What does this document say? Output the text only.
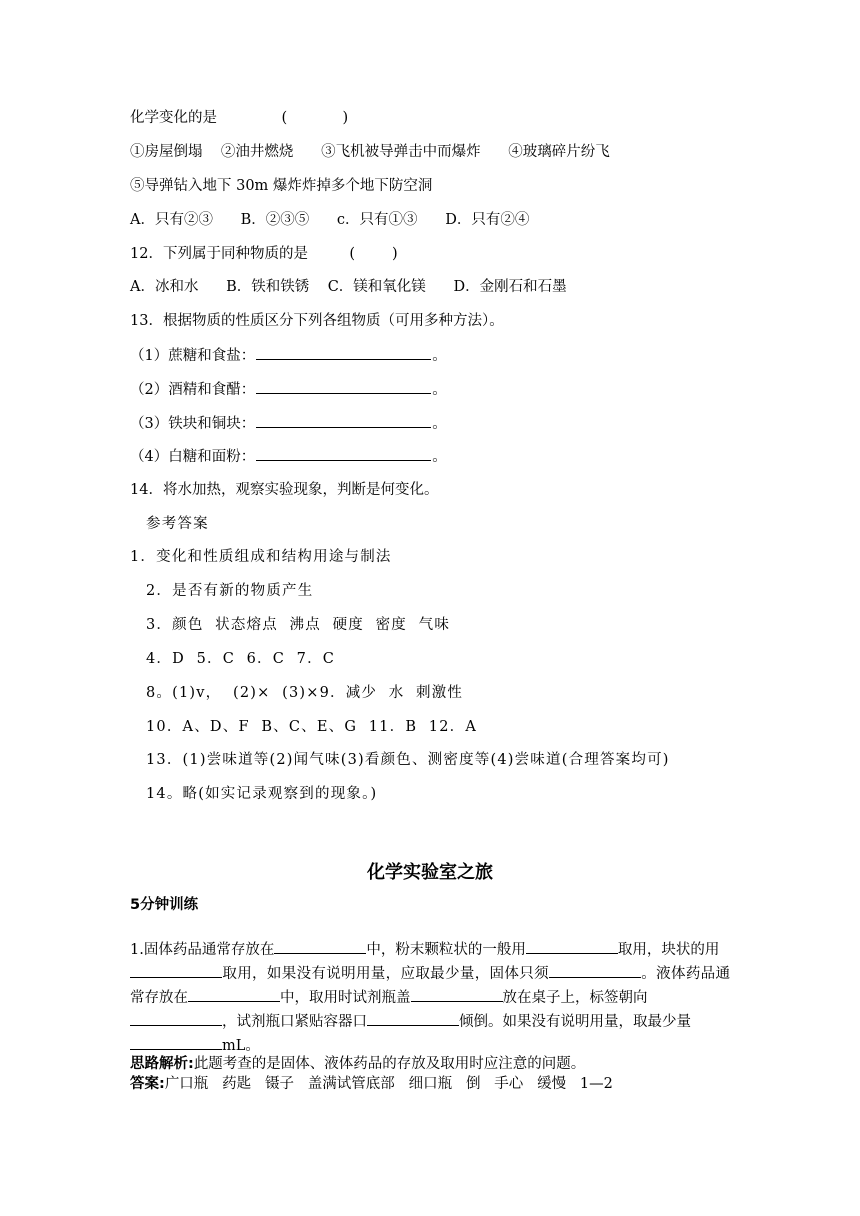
化学变化的是              (            )
①房屋倒塌    ②油井燃烧      ③飞机被导弹击中而爆炸      ④玻璃碎片纷飞
⑤导弹钻入地下 30m 爆炸炸掉多个地下防空洞
A．只有②③      B．②③⑤      c．只有①③      D．只有②④
12．下列属于同种物质的是         (        )
A．冰和水      B．铁和铁锈    C．镁和氧化镁      D．金刚石和石墨
13．根据物质的性质区分下列各组物质（可用多种方法）。
（1）蔗糖和食盐：	。
（2）酒精和食醋：	。
（3）铁块和铜块：	。
（4）白糖和面粉：	。
14．将水加热，观察实验现象，判断是何变化。
参考答案
1．变化和性质组成和结构用途与制法
2．是否有新的物质产生
3．颜色  状态熔点  沸点  硬度  密度  气味
4．D  5．C  6．C  7．C
8。(1)v，  (2)×  (3)×9．减少  水  刺激性
10．A、D、F  B、C、E、G  11．B  12．A
13．(1)尝味道等(2)闻气味(3)看颜色、测密度等(4)尝味道(合理答案均可)
14。略(如实记录观察到的现象。)
化学实验室之旅
5分钟训练
1.固体药品通常存放在	中，粉末颗粒状的一般用	取用，块状的用
取用，如果没有说明用量，应取最少量，固体只须	。液体药品通常存放在	中，取用时试剂瓶盖	放在桌子上，标签朝向
，试剂瓶口紧贴容器口	倾倒。如果没有说明用量，取最少量
mL。
思路解析:此题考查的是固体、液体药品的存放及取用时应注意的问题。
答案:广口瓶   药匙   镊子   盖满试管底部   细口瓶   倒   手心   缓慢   1—2
